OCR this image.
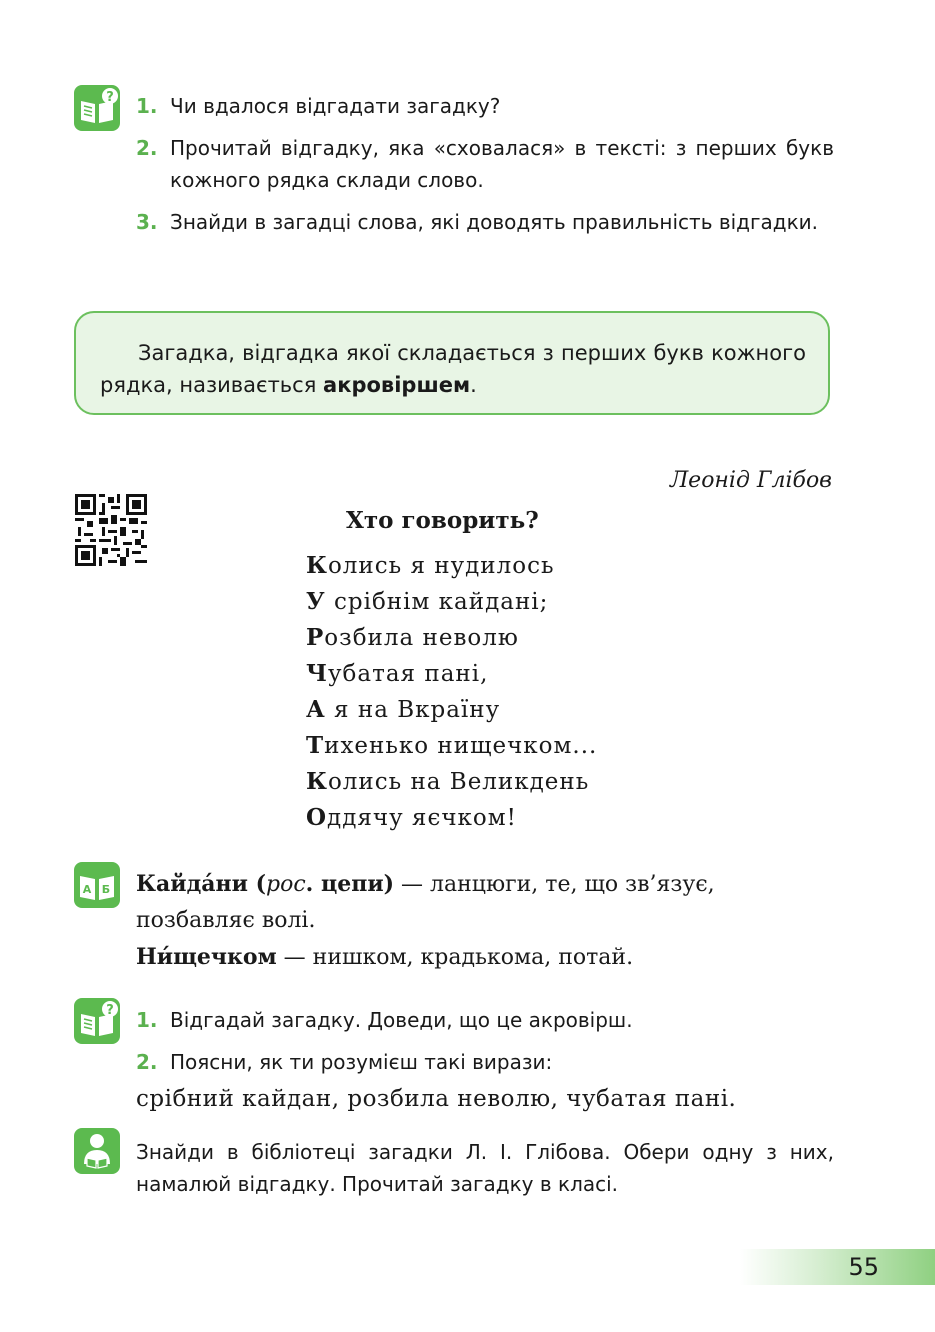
? 1. Чи вдалося відгадати загадку?
2. Прочитай відгадку, яка «сховалася» в тексті: з перших букв кожного рядка склади слово.
3. Знайди в загадці слова, які доводять правильність відгадки.
Загадка, відгадка якої складається з перших букв кожного рядка, називається акровіршем.
Леонід Глібов
Хто говорить?
Колись я нудилось
У срібнім кайдані;
Розбила неволю
Чубатая пані,
А я на Вкраїну
Тихенько нищечком...
Колись на Великдень
Оддячу яєчком!
А Б Кайда́ни (рос. цепи) — ланцюги, те, що зв’язує, позбавляє волі.

Ни́щечком — нишком, крадькома, потай.

? 1. Відгадай загадку. Доведи, що це акровірш.
2. Поясни, як ти розумієш такі вирази:
срібний кайдан, розбила неволю, чубатая пані.
Знайди в бібліотеці загадки Л. І. Глібова. Обери одну з них, намалюй відгадку. Прочитай загадку в класі.
55
